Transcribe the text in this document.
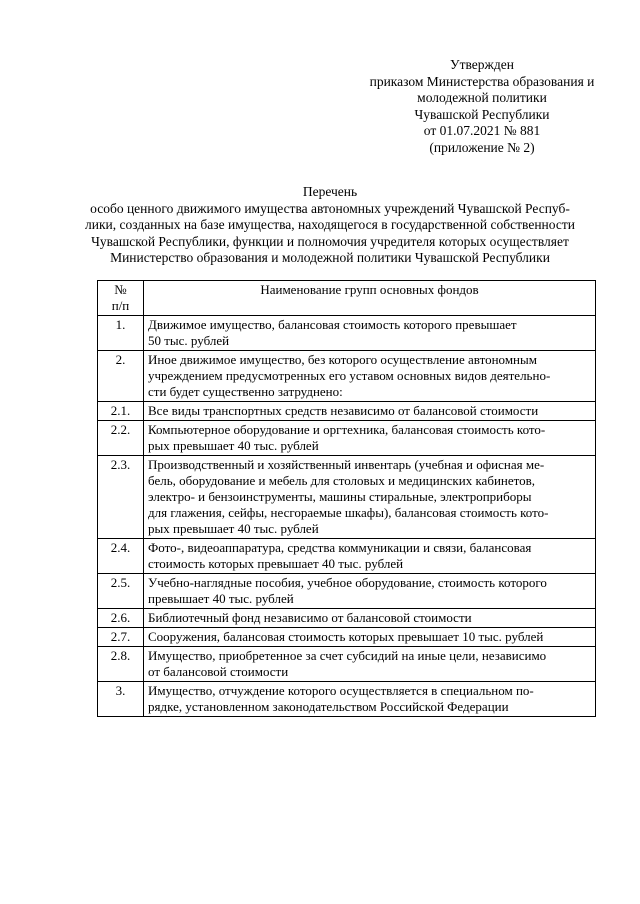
Утвержден
приказом Министерства образования и
молодежной политики
Чувашской Республики
от 01.07.2021 № 881
(приложение № 2)
Перечень
особо ценного движимого имущества автономных учреждений Чувашской Респуб-
лики, созданных на базе имущества, находящегося в государственной собственности
Чувашской Республики, функции и полномочия учредителя которых осуществляет
Министерство образования и молодежной политики Чувашской Республики
№
п/п	Наименование групп основных фондов
1.	Движимое имущество, балансовая стоимость которого превышает
50 тыс. рублей

2.	Иное движимое имущество, без которого осуществление автономным
учреждением предусмотренных его уставом основных видов деятельно-
сти будет существенно затруднено:

2.1.	Все виды транспортных средств независимо от балансовой стоимости

2.2.	Компьютерное оборудование и оргтехника, балансовая стоимость кото-
рых превышает 40 тыс. рублей

2.3.	Производственный и хозяйственный инвентарь (учебная и офисная ме-
бель, оборудование и мебель для столовых и медицинских кабинетов,
электро- и бензоинструменты, машины стиральные, электроприборы
для глажения, сейфы, несгораемые шкафы), балансовая стоимость кото-
рых превышает 40 тыс. рублей

2.4.	Фото-, видеоаппаратура, средства коммуникации и связи, балансовая
стоимость которых превышает 40 тыс. рублей

2.5.	Учебно-наглядные пособия, учебное оборудование, стоимость которого
превышает 40 тыс. рублей

2.6.	Библиотечный фонд независимо от балансовой стоимости

2.7.	Сооружения, балансовая стоимость которых превышает 10 тыс. рублей

2.8.	Имущество, приобретенное за счет субсидий на иные цели, независимо
от балансовой стоимости

3.	Имущество, отчуждение которого осуществляется в специальном по-
рядке, установленном законодательством Российской Федерации
